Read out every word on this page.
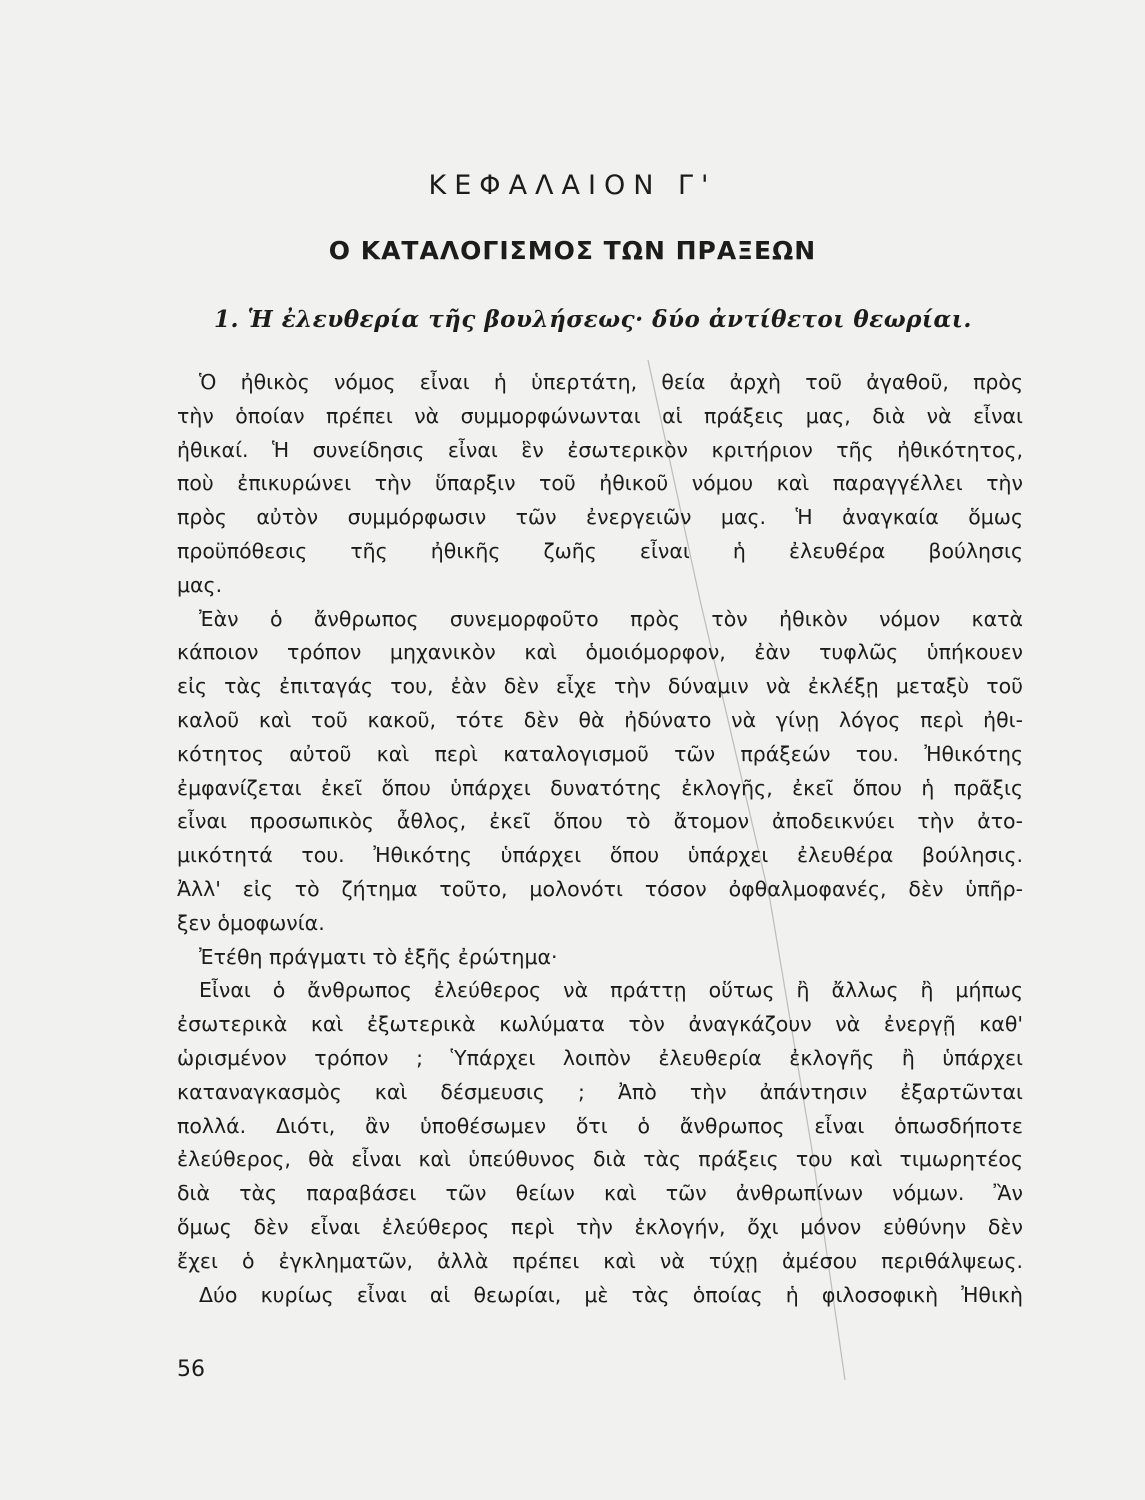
ΚΕΦΑΛΑΙΟΝ Γ'
Ο ΚΑΤΑΛΟΓΙΣΜΟΣ ΤΩΝ ΠΡΑΞΕΩΝ
1. Ἡ ἐλευθερία τῆς βουλήσεως· δύο ἀντίθετοι θεωρίαι.
Ὁ ἠθικὸς νόμος εἶναι ἡ ὑπερτάτη, θεία ἀρχὴ τοῦ ἀγαθοῦ, πρὸς
τὴν ὁποίαν πρέπει νὰ συμμορφώνωνται αἱ πράξεις μας, διὰ νὰ εἶναι
ἠθικαί. Ἡ συνείδησις εἶναι ἓν ἐσωτερικὸν κριτήριον τῆς ἠθικότητος,
ποὺ ἐπικυρώνει τὴν ὕπαρξιν τοῦ ἠθικοῦ νόμου καὶ παραγγέλλει τὴν
πρὸς αὐτὸν συμμόρφωσιν τῶν ἐνεργειῶν μας. Ἡ ἀναγκαία ὅμως
προϋπόθεσις τῆς ἠθικῆς ζωῆς εἶναι ἡ ἐλευθέρα βούλησις
μας.
Ἐὰν ὁ ἄνθρωπος συνεμορφοῦτο πρὸς τὸν ἠθικὸν νόμον κατὰ
κάποιον τρόπον μηχανικὸν καὶ ὁμοιόμορφον, ἐὰν τυφλῶς ὑπήκουεν
εἰς τὰς ἐπιταγάς του, ἐὰν δὲν εἶχε τὴν δύναμιν νὰ ἐκλέξῃ μεταξὺ τοῦ
καλοῦ καὶ τοῦ κακοῦ, τότε δὲν θὰ ἠδύνατο νὰ γίνῃ λόγος περὶ ἠθι-
κότητος αὐτοῦ καὶ περὶ καταλογισμοῦ τῶν πράξεών του. Ἠθικότης
ἐμφανίζεται ἐκεῖ ὅπου ὑπάρχει δυνατότης ἐκλογῆς, ἐκεῖ ὅπου ἡ πρᾶξις
εἶναι προσωπικὸς ἆθλος, ἐκεῖ ὅπου τὸ ἄτομον ἀποδεικνύει τὴν ἀτο-
μικότητά του. Ἠθικότης ὑπάρχει ὅπου ὑπάρχει ἐλευθέρα βούλησις.
Ἀλλ' εἰς τὸ ζήτημα τοῦτο, μολονότι τόσον ὀφθαλμοφανές, δὲν ὑπῆρ-
ξεν ὁμοφωνία.
Ἐτέθη πράγματι τὸ ἑξῆς ἐρώτημα·
Εἶναι ὁ ἄνθρωπος ἐλεύθερος νὰ πράττῃ οὕτως ἢ ἄλλως ἢ μήπως
ἐσωτερικὰ καὶ ἐξωτερικὰ κωλύματα τὸν ἀναγκάζουν νὰ ἐνεργῇ καθ'
ὡρισμένον τρόπον ; Ὑπάρχει λοιπὸν ἐλευθερία ἐκλογῆς ἢ ὑπάρχει
καταναγκασμὸς καὶ δέσμευσις ; Ἀπὸ τὴν ἀπάντησιν ἐξαρτῶνται
πολλά. Διότι, ἂν ὑποθέσωμεν ὅτι ὁ ἄνθρωπος εἶναι ὁπωσδήποτε
ἐλεύθερος, θὰ εἶναι καὶ ὑπεύθυνος διὰ τὰς πράξεις του καὶ τιμωρητέος
διὰ τὰς παραβάσει τῶν θείων καὶ τῶν ἀνθρωπίνων νόμων. Ἂν
ὅμως δὲν εἶναι ἐλεύθερος περὶ τὴν ἐκλογήν, ὄχι μόνον εὐθύνην δὲν
ἔχει ὁ ἐγκληματῶν, ἀλλὰ πρέπει καὶ νὰ τύχῃ ἀμέσου περιθάλψεως.
Δύο κυρίως εἶναι αἱ θεωρίαι, μὲ τὰς ὁποίας ἡ φιλοσοφικὴ Ἠθικὴ
56
